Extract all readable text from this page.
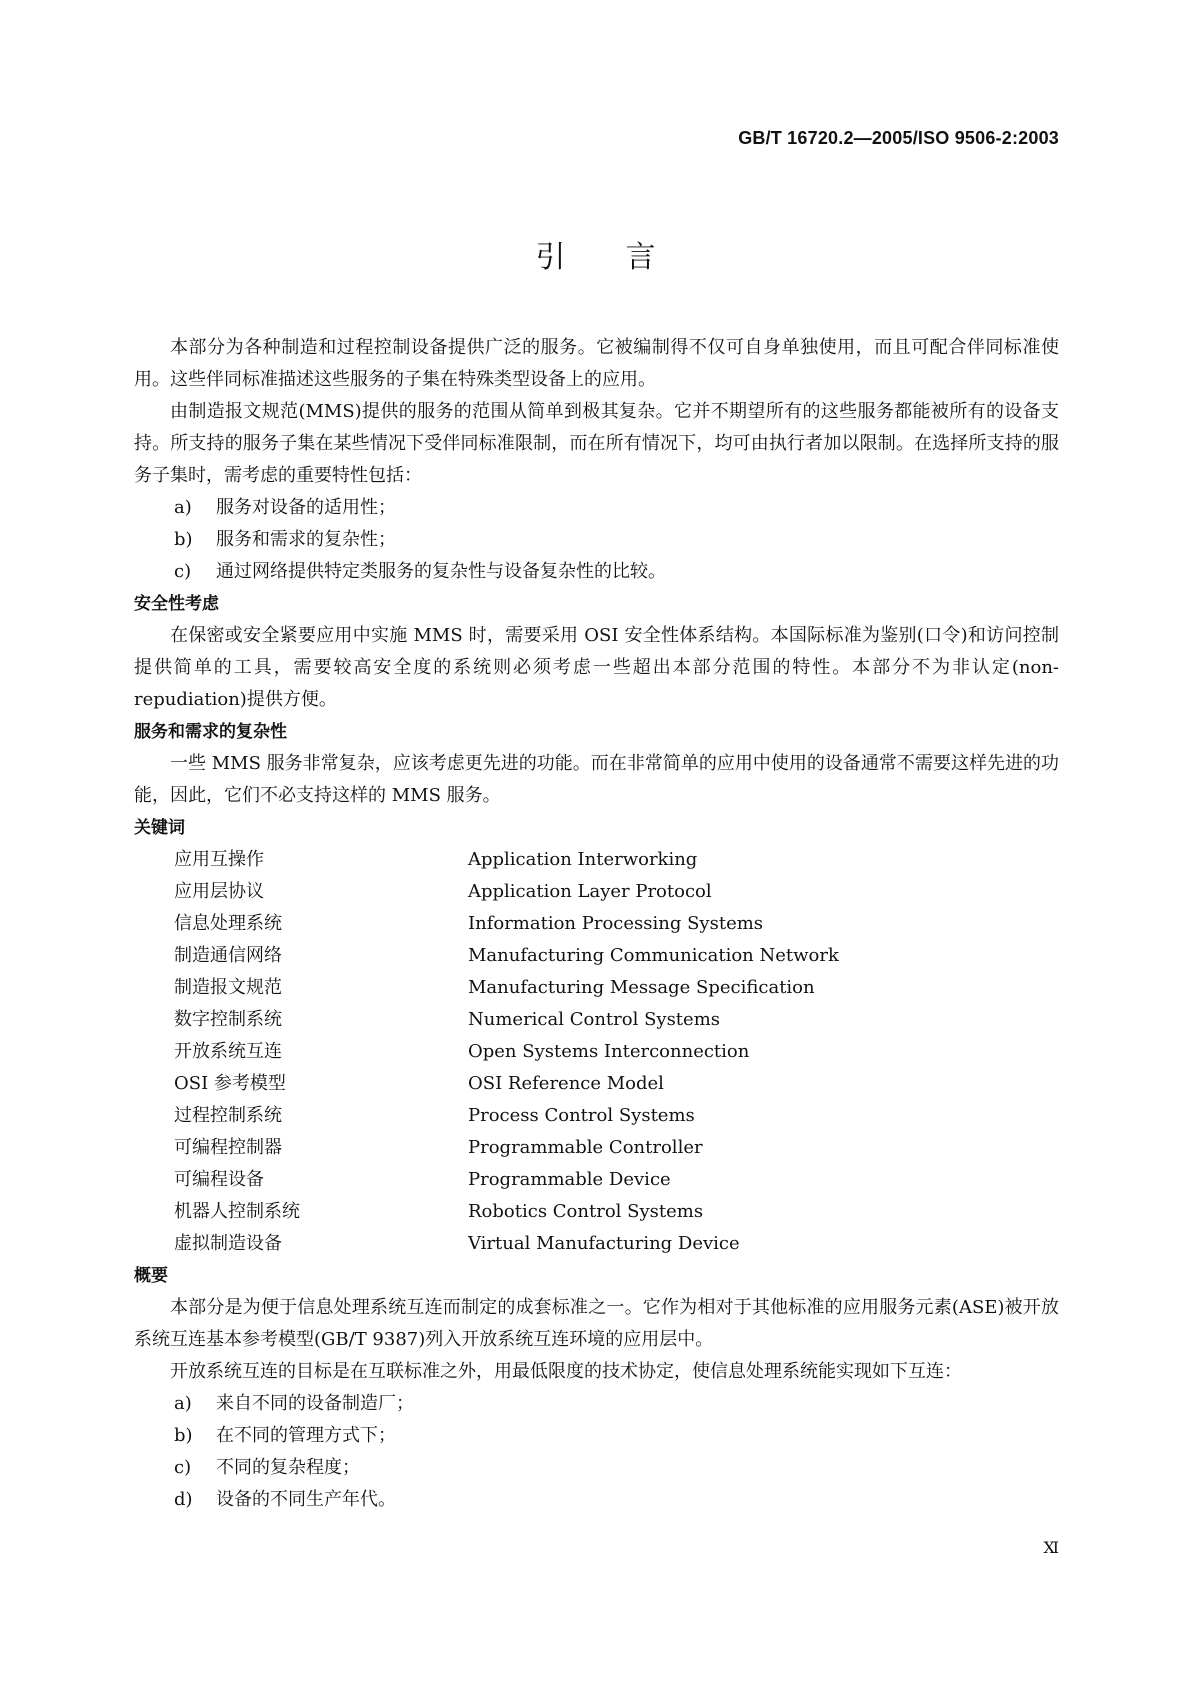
GB/T 16720.2—2005/ISO 9506-2:2003
引言

本部分为各种制造和过程控制设备提供广泛的服务。它被编制得不仅可自身单独使用，而且可配合伴同标准使用。这些伴同标准描述这些服务的子集在特殊类型设备上的应用。

由制造报文规范(MMS)提供的服务的范围从简单到极其复杂。它并不期望所有的这些服务都能被所有的设备支持。所支持的服务子集在某些情况下受伴同标准限制，而在所有情况下，均可由执行者加以限制。在选择所支持的服务子集时，需考虑的重要特性包括：

a) 服务对设备的适用性；

b) 服务和需求的复杂性；

c) 通过网络提供特定类服务的复杂性与设备复杂性的比较。

安全性考虑

在保密或安全紧要应用中实施 MMS 时，需要采用 OSI 安全性体系结构。本国际标准为鉴别(口令)和访问控制提供简单的工具，需要较高安全度的系统则必须考虑一些超出本部分范围的特性。本部分不为非认定(non-repudiation)提供方便。

服务和需求的复杂性

一些 MMS 服务非常复杂，应该考虑更先进的功能。而在非常简单的应用中使用的设备通常不需要这样先进的功能，因此，它们不必支持这样的 MMS 服务。

关键词

应用互操作	Application Interworking
应用层协议	Application Layer Protocol
信息处理系统	Information Processing Systems
制造通信网络	Manufacturing Communication Network
制造报文规范	Manufacturing Message Specification
数字控制系统	Numerical Control Systems
开放系统互连	Open Systems Interconnection
OSI 参考模型	OSI Reference Model
过程控制系统	Process Control Systems
可编程控制器	Programmable Controller
可编程设备	Programmable Device
机器人控制系统	Robotics Control Systems
虚拟制造设备	Virtual Manufacturing Device

概要

本部分是为便于信息处理系统互连而制定的成套标准之一。它作为相对于其他标准的应用服务元素(ASE)被开放系统互连基本参考模型(GB/T 9387)列入开放系统互连环境的应用层中。

开放系统互连的目标是在互联标准之外，用最低限度的技术协定，使信息处理系统能实现如下互连：

a) 来自不同的设备制造厂；

b) 在不同的管理方式下；

c) 不同的复杂程度；

d) 设备的不同生产年代。

Ⅺ
